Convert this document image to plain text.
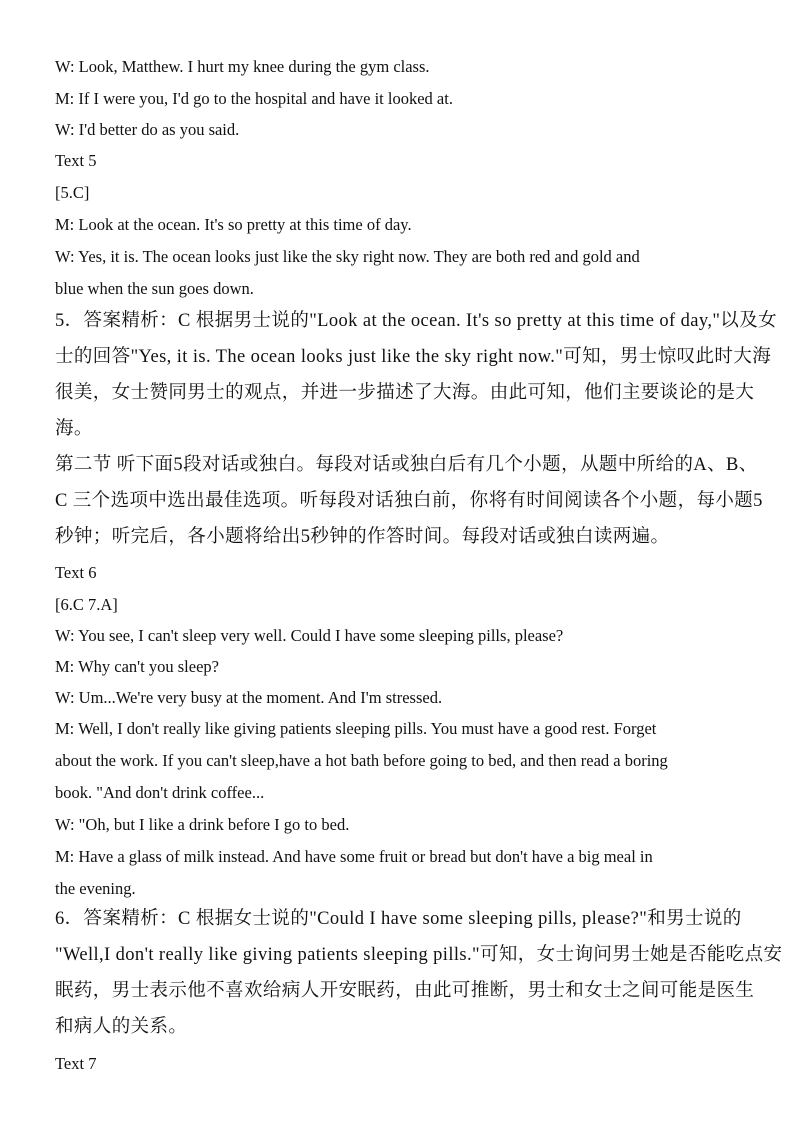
W: Look, Matthew. I hurt my knee during the gym class.
M: If I were you, I'd go to the hospital and have it looked at.
W: I'd better do as you said.
Text 5
[5.C]
M: Look at the ocean. It's so pretty at this time of day.
W: Yes, it is. The ocean looks just like the sky right now. They are both red and gold and
blue when the sun goes down.
5．答案精析：C 根据男士说的"Look at the ocean. It's so pretty at this time of day,"以及女
士的回答"Yes, it is. The ocean looks just like the sky right now."可知，男士惊叹此时大海
很美，女士赞同男士的观点，并进一步描述了大海。由此可知，他们主要谈论的是大
海。
第二节 听下面5段对话或独白。每段对话或独白后有几个小题，从题中所给的A、B、
C 三个选项中选出最佳选项。听每段对话独白前，你将有时间阅读各个小题，每小题5
秒钟；听完后，各小题将给出5秒钟的作答时间。每段对话或独白读两遍。
Text 6
[6.C 7.A]
W: You see, I can't sleep very well. Could I have some sleeping pills, please?
M: Why can't you sleep?
W: Um...We're very busy at the moment. And I'm stressed.
M: Well, I don't really like giving patients sleeping pills. You must have a good rest. Forget
about the work. If you can't sleep,have a hot bath before going to bed, and then read a boring
book. "And don't drink coffee...
W: "Oh, but I like a drink before I go to bed.
M: Have a glass of milk instead. And have some fruit or bread but don't have a big meal in
the evening.
6．答案精析：C 根据女士说的"Could I have some sleeping pills, please?"和男士说的
"Well,I don't really like giving patients sleeping pills."可知，女士询问男士她是否能吃点安
眠药，男士表示他不喜欢给病人开安眠药，由此可推断，男士和女士之间可能是医生
和病人的关系。
Text 7
